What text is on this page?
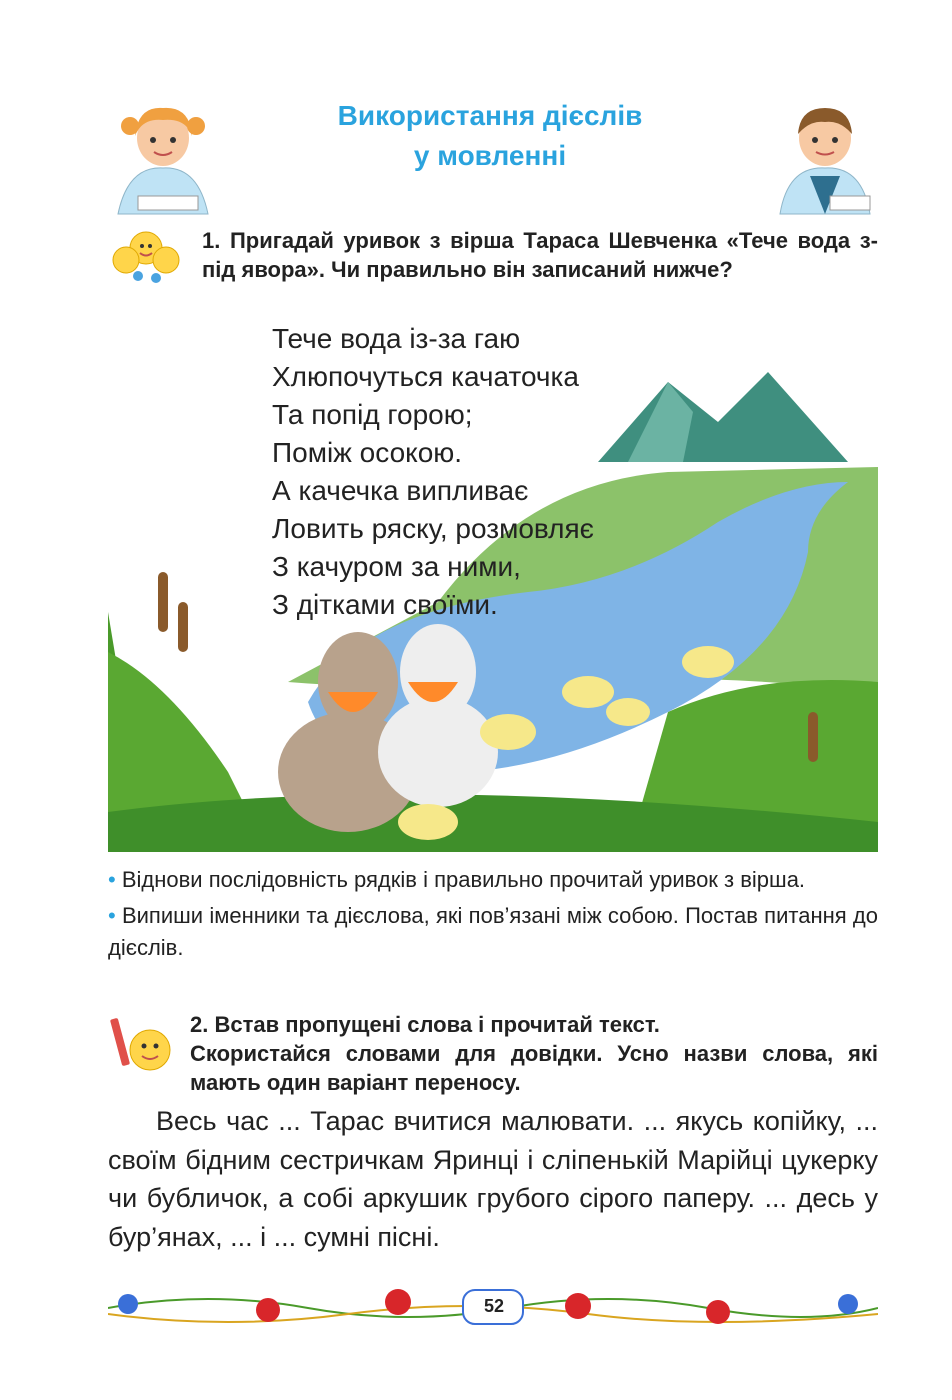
Використання дієслів
у мовленні
1. Пригадай уривок з вірша Тараса Шевченка «Тече вода з-під явора». Чи правильно він записаний нижче?
Тече вода із-за гаю
Хлюпочуться качаточка
Та попід горою;
Поміж осокою.
А качечка випливає
Ловить ряску, розмовляє
З качуром за ними,
З дітками своїми.

• Віднови послідовність рядків і правильно прочитай уривок з вірша.

• Випиши іменники та дієслова, які пов’язані між собою. Постав питання до дієслів.

2. Встав пропущені слова і прочитай текст.
Скористайся словами для довідки. Усно назви слова, які мають один варіант переносу.

Весь час ... Тарас вчитися малювати. ... якусь копійку, ... своїм бідним сестричкам Яринці і сліпенькій Марійці цукерку чи бубличок, а собі аркушик грубого сірого паперу. ... десь у бур’янах, ... і ... сумні пісні.

52
